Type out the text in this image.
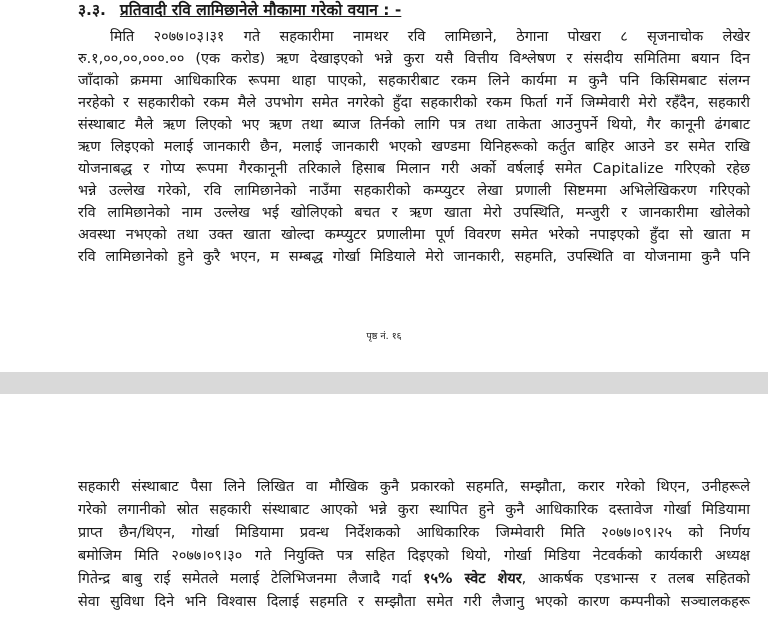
३.३. प्रतिवादी रवि लामिछानेले मौकामा गरेको वयान : -
मिति २०७७।०३।३१ गते सहकारीमा नामथर रवि लामिछाने, ठेगाना पोखरा ८ सृजनाचोक लेखेर
रु.१,००,००,०००.०० (एक करोड) ऋण देखाइएको भन्ने कुरा यसै वित्तीय विश्लेषण र संसदीय समितिमा बयान दिन
जाँदाको क्रममा आधिकारिक रूपमा थाहा पाएको, सहकारीबाट रकम लिने कार्यमा म कुनै पनि किसिमबाट संलग्न
नरहेको र सहकारीको रकम मैले उपभोग समेत नगरेको हुँदा सहकारीको रकम फिर्ता गर्ने जिम्मेवारी मेरो रहँदैन, सहकारी
संस्थाबाट मैले ऋण लिएको भए ऋण तथा ब्याज तिर्नको लागि पत्र तथा ताकेता आउनुपर्ने थियो, गैर कानूनी ढंगबाट
ऋण लिइएको मलाई जानकारी छैन, मलाई जानकारी भएको खण्डमा यिनिहरूको कर्तुत बाहिर आउने डर समेत राखि
योजनाबद्ध र गोप्य रूपमा गैरकानूनी तरिकाले हिसाब मिलान गरी अर्को वर्षलाई समेत Capitalize गरिएको रहेछ
भन्ने उल्लेख गरेको, रवि लामिछानेको नाउँमा सहकारीको कम्प्युटर लेखा प्रणाली सिष्टममा अभिलेखिकरण गरिएको
रवि लामिछानेको नाम उल्लेख भई खोलिएको बचत र ऋण खाता मेरो उपस्थिति, मन्जुरी र जानकारीमा खोलेको
अवस्था नभएको तथा उक्त खाता खोल्दा कम्प्युटर प्रणालीमा पूर्ण विवरण समेत भरेको नपाइएको हुँदा सो खाता म
रवि लामिछानेको हुने कुरै भएन, म सम्बद्ध गोर्खा मिडियाले मेरो जानकारी, सहमति, उपस्थिति वा योजनामा कुनै पनि
पृष्ठ नं. १६
सहकारी संस्थाबाट पैसा लिने लिखित वा मौखिक कुनै प्रकारको सहमति, सम्झौता, करार गरेको थिएन, उनीहरूले
गरेको लगानीको स्रोत सहकारी संस्थाबाट आएको भन्ने कुरा स्थापित हुने कुनै आधिकारिक दस्तावेज गोर्खा मिडियामा
प्राप्त छैन/थिएन, गोर्खा मिडियामा प्रवन्ध निर्देशकको आधिकारिक जिम्मेवारी मिति २०७७।०९।२५ को निर्णय
बमोजिम मिति २०७७।०९।३० गते नियुक्ति पत्र सहित दिइएको थियो, गोर्खा मिडिया नेटवर्कको कार्यकारी अध्यक्ष
गितेन्द्र बाबु राई समेतले मलाई टेलिभिजनमा लैजादै गर्दा १५% स्वेट शेयर, आकर्षक एडभान्स र तलब सहितको
सेवा सुविधा दिने भनि विश्वास दिलाई सहमति र सम्झौता समेत गरी लैजानु भएको कारण कम्पनीको सञ्चालकहरू
